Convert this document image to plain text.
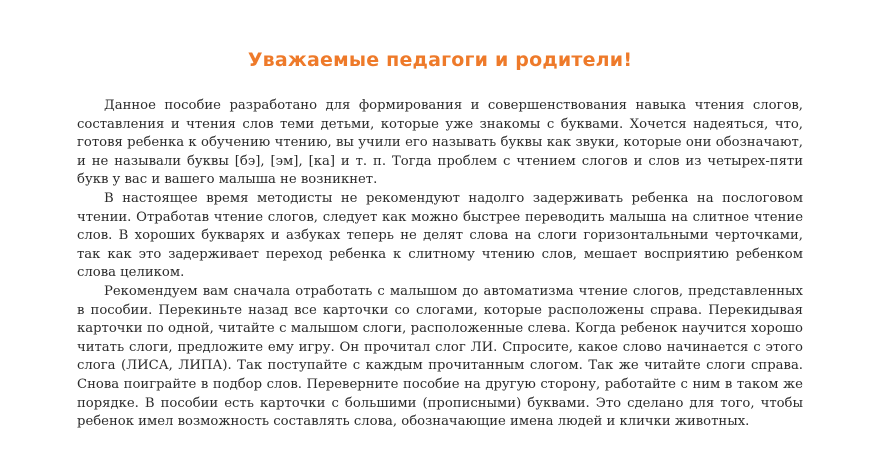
Уважаемые педагоги и родители!

Данное пособие разработано для формирования и совершенствования навыка чтения слогов, составления и чтения слов теми детьми, которые уже знакомы с буквами. Хочется надеяться, что, готовя ребенка к обучению чтению, вы учили его называть буквы как звуки, которые они обозначают, и не называли буквы [бэ], [эм], [ка] и т. п. Тогда проблем с чтением слогов и слов из четырех-пяти букв у вас и вашего малыша не возникнет.

В настоящее время методисты не рекомендуют надолго задерживать ребенка на послоговом чтении. Отработав чтение слогов, следует как можно быстрее переводить малыша на слитное чтение слов. В хороших букварях и азбуках теперь не делят слова на слоги горизонтальными черточками, так как это задерживает переход ребенка к слитному чтению слов, мешает восприятию ребенком слова целиком.

Рекомендуем вам сначала отработать с малышом до автоматизма чтение слогов, представленных в пособии. Перекиньте назад все карточки со слогами, которые расположены справа. Перекидывая карточки по одной, читайте с малышом слоги, расположенные слева. Когда ребенок научится хорошо читать слоги, предложите ему игру. Он прочитал слог ЛИ. Спросите, какое слово начинается с этого слога (ЛИСА, ЛИПА). Так поступайте с каждым прочитанным слогом. Так же читайте слоги справа. Снова поиграйте в подбор слов. Переверните пособие на другую сторону, работайте с ним в таком же порядке. В пособии есть карточки с большими (прописными) буквами. Это сделано для того, чтобы ребенок имел возможность составлять слова, обозначающие имена людей и клички животных.
